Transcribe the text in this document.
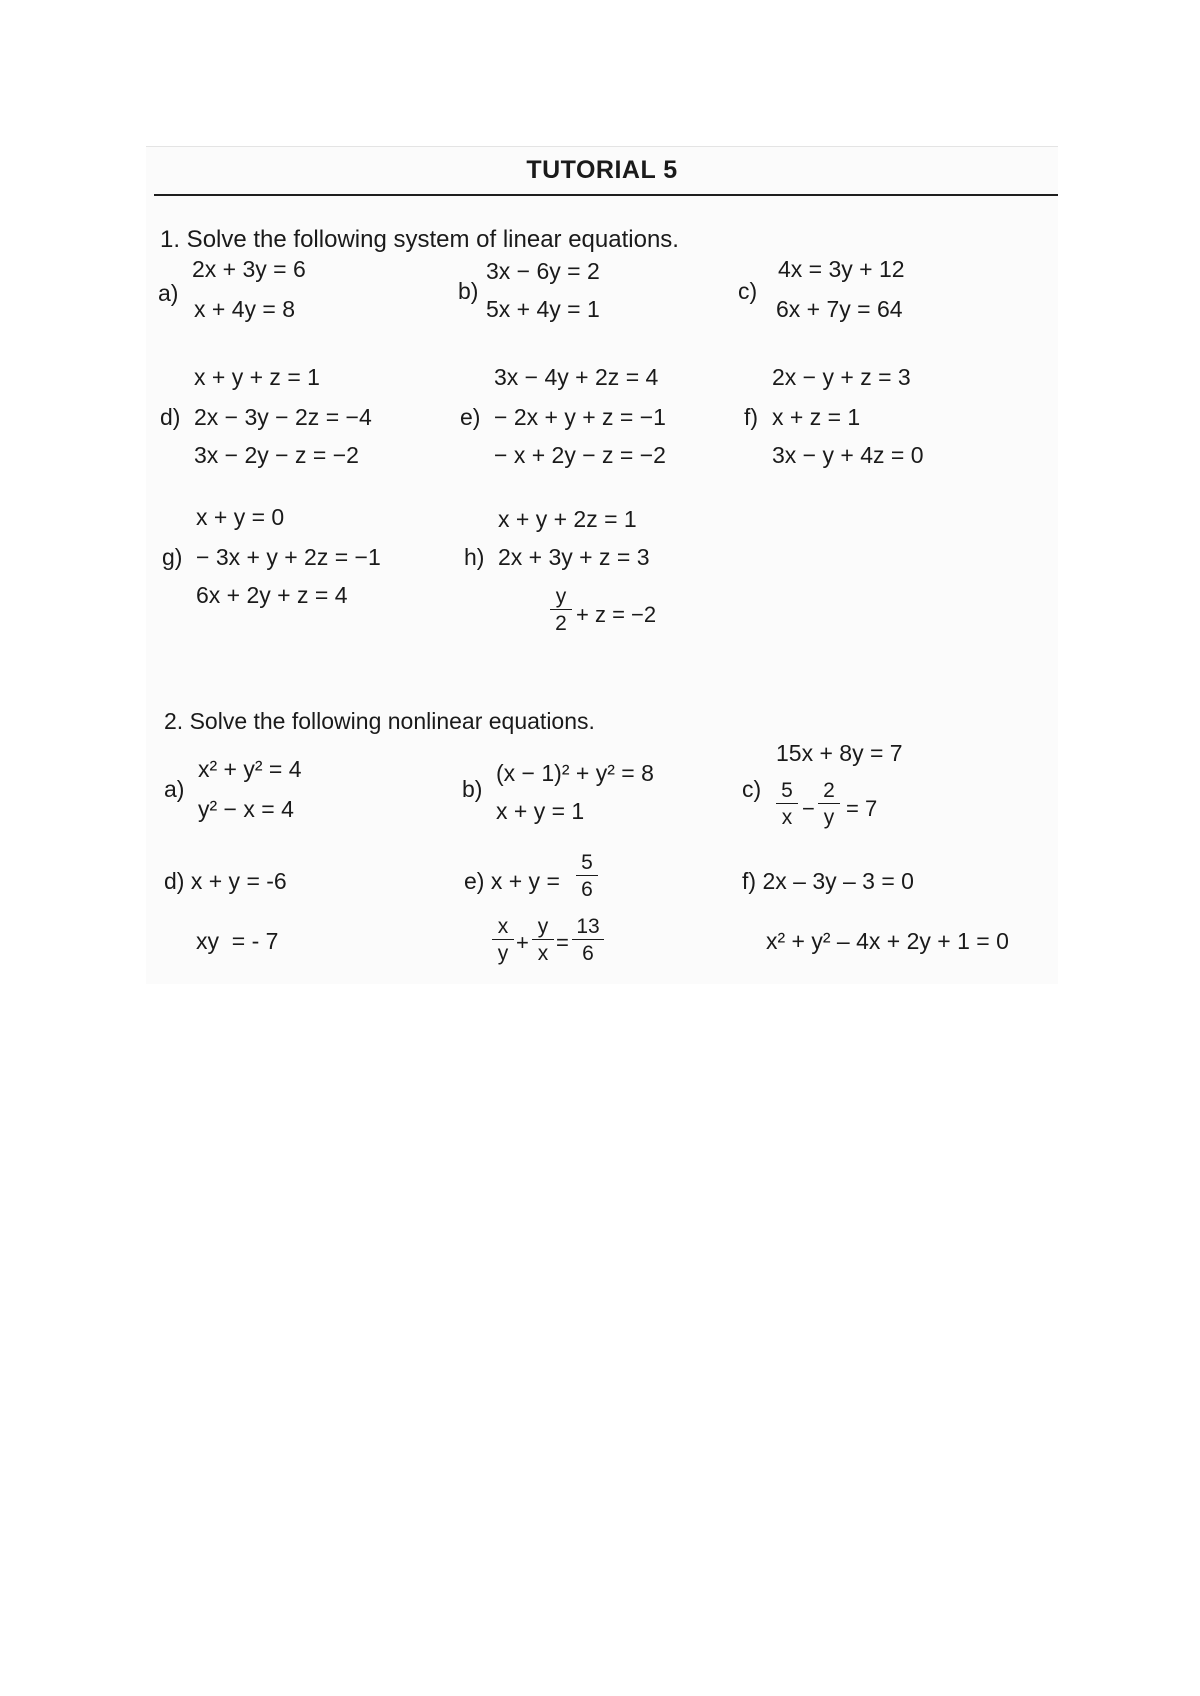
TUTORIAL 5
1. Solve the following system of linear equations.
a)
2x + 3y = 6
x + 4y = 8
b)
3x − 6y = 2
5x + 4y = 1
c)
4x = 3y + 12
6x + 7y = 64
x + y + z = 1
d) 2x − 3y − 2z = −4
3x − 2y − z = −2
3x − 4y + 2z = 4
e) − 2x + y + z = −1
− x + 2y − z = −2
2x − y + z = 3
f) x + z = 1
3x − y + 4z = 0
x + y = 0
g) − 3x + y + 2z = −1
6x + 2y + z = 4
x + y + 2z = 1
h) 2x + 3y + z = 3
$\frac{y}{2} + z = -2$
2. Solve the following nonlinear equations.
a)
x² + y² = 4
y² − x = 4
b)
(x − 1)² + y² = 8
x + y = 1
15x + 8y = 7
$c) \frac{5}{x} - \frac{2}{y} = 7$
d) x + y = -6
xy  = - 7
e) $x + y = \frac{5}{6}$
$\frac{x}{y} + \frac{y}{x} = \frac{13}{6}$
f) 2x – 3y – 3 = 0
x² + y² – 4x + 2y + 1 = 0
